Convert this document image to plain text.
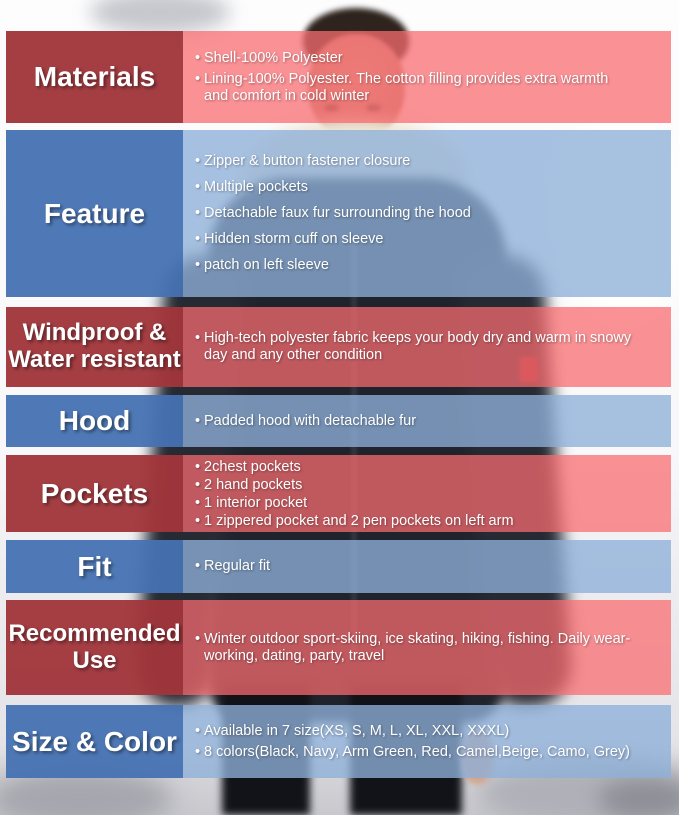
Materials
• Shell-100% Polyester
• Lining-100% Polyester. The cotton filling provides extra warmth and comfort in cold winter
Feature
• Zipper & button fastener closure
• Multiple pockets
• Detachable faux fur surrounding the hood
• Hidden storm cuff on sleeve
• patch on left sleeve
Windproof & Water resistant
• High-tech polyester fabric keeps your body dry and warm in snowy day and any other condition
Hood	• Padded hood with detachable fur
Pockets
• 2chest pockets
• 2 hand pockets
• 1 interior pocket
• 1 zippered pocket and 2 pen pockets on left arm
Fit	• Regular fit
Recommended Use
• Winter outdoor sport-skiing, ice skating, hiking, fishing. Daily wear-working, dating, party, travel
Size & Color • Available in 7 size(XS, S, M, L, XL, XXL, XXXL)
• 8 colors(Black, Navy, Arm Green, Red, Camel,Beige, Camo, Grey)
